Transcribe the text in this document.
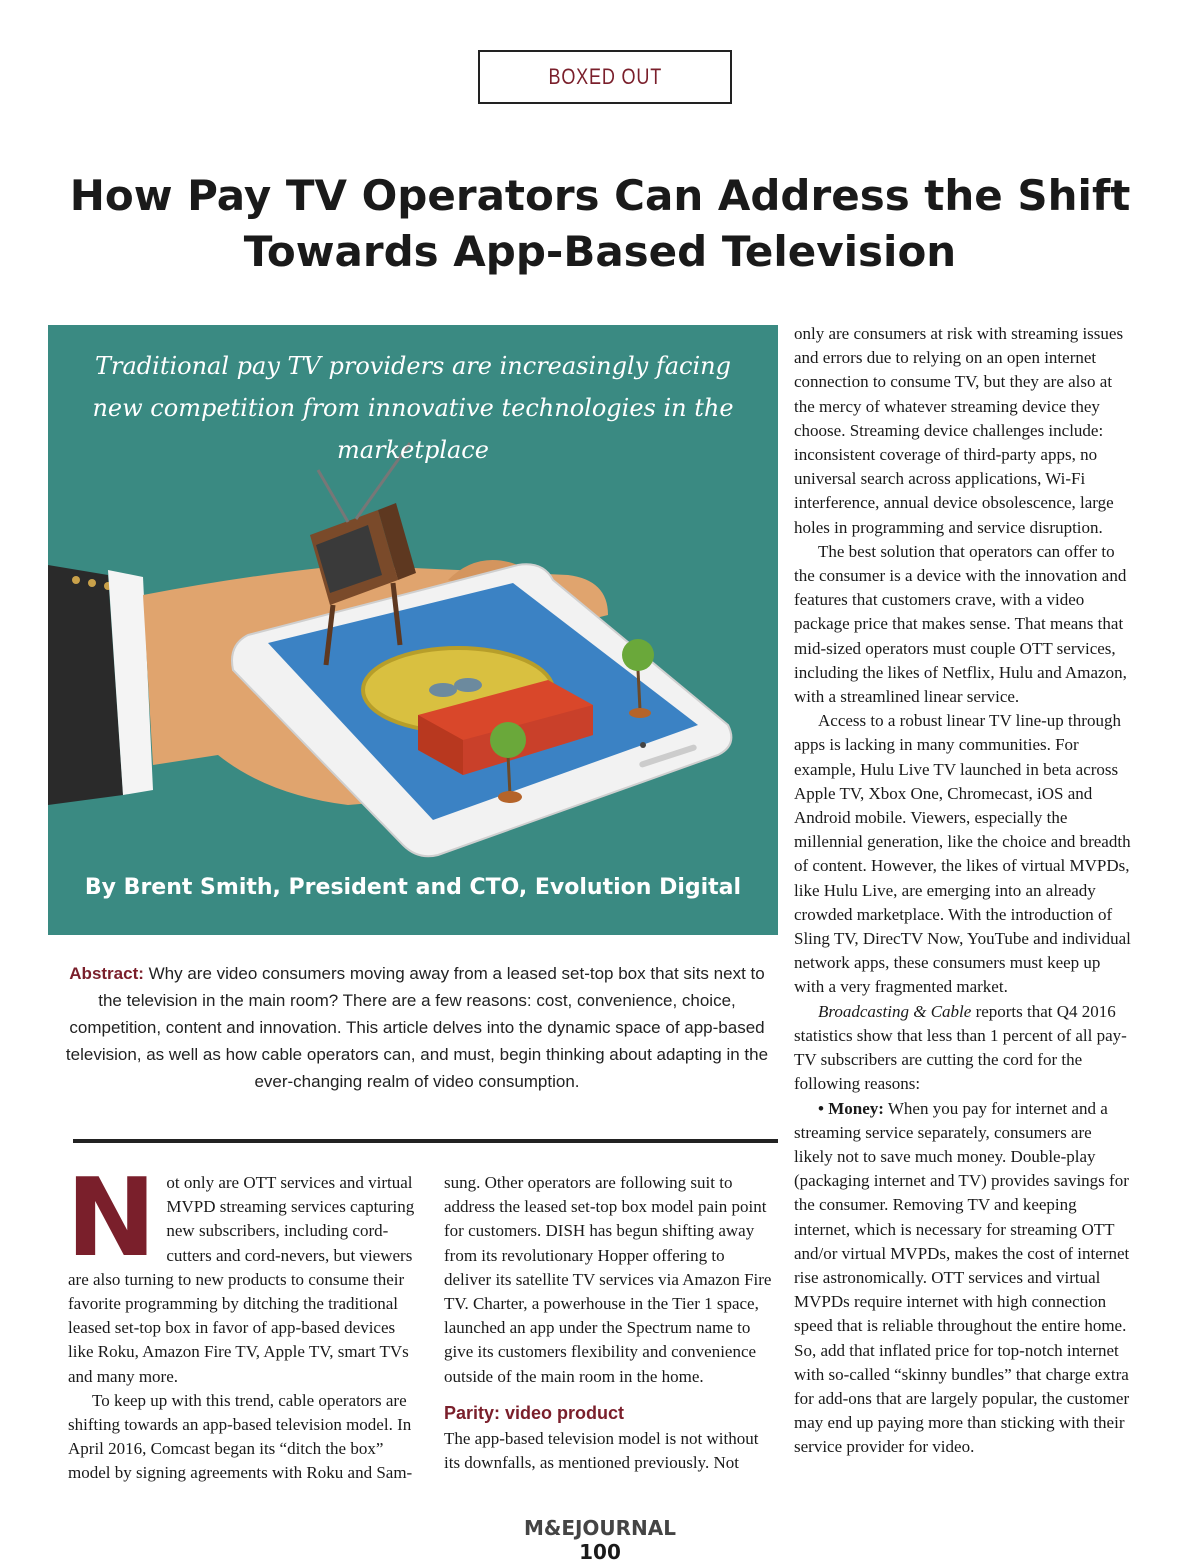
BOXED OUT
How Pay TV Operators Can Address the Shift Towards App-Based Television
Traditional pay TV providers are increasingly facing new competition from innovative technologies in the marketplace
By Brent Smith, President and CTO, Evolution Digital
Abstract: Why are video consumers moving away from a leased set-top box that sits next to the television in the main room? There are a few reasons: cost, convenience, choice, competition, content and innovation. This article delves into the dynamic space of app-based television, as well as how cable operators can, and must, begin thinking about adapting in the ever-changing realm of video consumption.

Not only are OTT services and virtual MVPD streaming services capturing new subscribers, including cord-cutters and cord-nevers, but viewers are also turning to new products to consume their favorite programming by ditching the traditional leased set-top box in favor of app-based devices like Roku, Amazon Fire TV, Apple TV, smart TVs and many more.

To keep up with this trend, cable operators are shifting towards an app-based television model. In April 2016, Comcast began its “ditch the box” model by signing agreements with Roku and Sam-

sung. Other operators are following suit to address the leased set-top box model pain point for customers. DISH has begun shifting away from its revolutionary Hopper offering to deliver its satellite TV services via Amazon Fire TV. Charter, a powerhouse in the Tier 1 space, launched an app under the Spectrum name to give its customers flexibility and convenience outside of the main room in the home.

Parity: video product

The app-based television model is not without its downfalls, as mentioned previously. Not

only are consumers at risk with streaming issues and errors due to relying on an open internet connection to consume TV, but they are also at the mercy of whatever streaming device they choose. Streaming device challenges include: inconsistent coverage of third-party apps, no universal search across applications, Wi-Fi interference, annual device obsolescence, large holes in programming and service disruption.

The best solution that operators can offer to the consumer is a device with the innovation and features that customers crave, with a video package price that makes sense. That means that mid-sized operators must couple OTT services, including the likes of Netflix, Hulu and Amazon, with a streamlined linear service.

Access to a robust linear TV line-up through apps is lacking in many communities. For example, Hulu Live TV launched in beta across Apple TV, Xbox One, Chromecast, iOS and Android mobile. Viewers, especially the millennial generation, like the choice and breadth of content. However, the likes of virtual MVPDs, like Hulu Live, are emerging into an already crowded marketplace. With the introduction of Sling TV, DirecTV Now, YouTube and individual network apps, these consumers must keep up with a very fragmented market.

Broadcasting & Cable reports that Q4 2016 statistics show that less than 1 percent of all pay-TV subscribers are cutting the cord for the following reasons:

• Money: When you pay for internet and a streaming service separately, consumers are likely not to save much money. Double-play (packaging internet and TV) provides savings for the consumer. Removing TV and keeping internet, which is necessary for streaming OTT and/or virtual MVPDs, makes the cost of internet rise astronomically. OTT services and virtual MVPDs require internet with high connection speed that is reliable throughout the entire home. So, add that inflated price for top-notch internet with so-called “skinny bundles” that charge extra for add-ons that are largely popular, the customer may end up paying more than sticking with their service provider for video.

M&EJOURNAL 100
